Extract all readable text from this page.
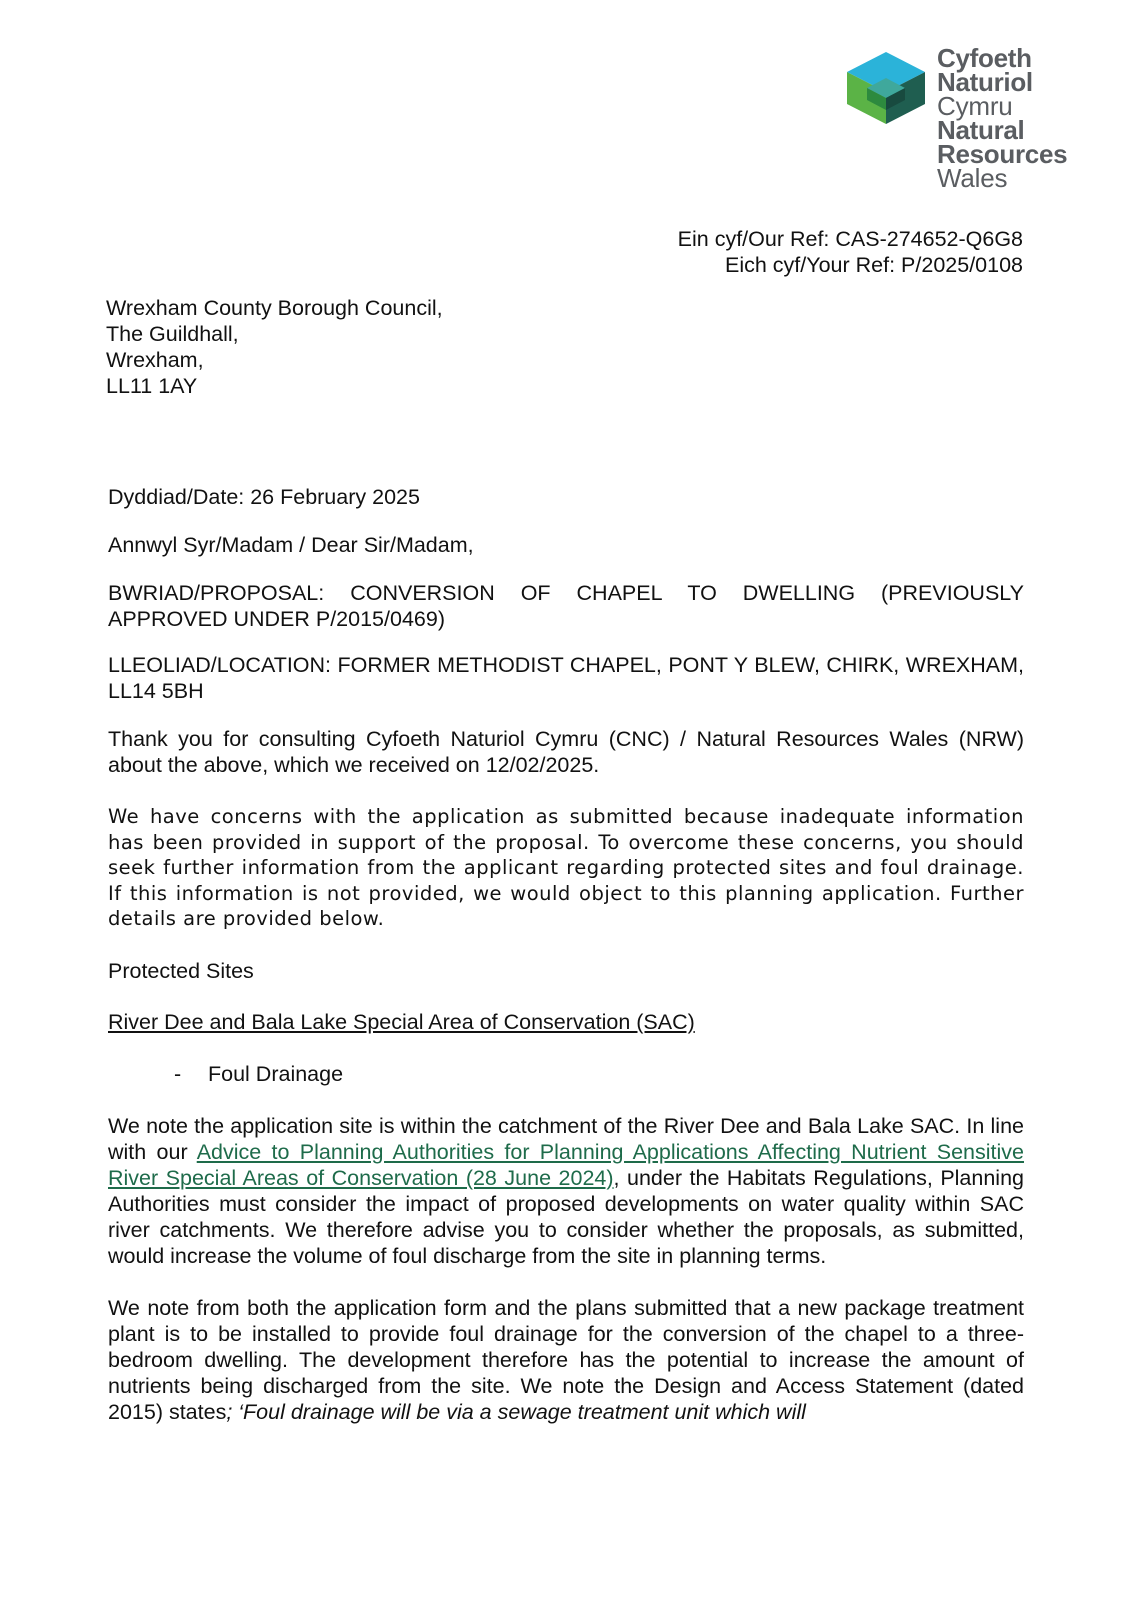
Cyfoeth
Naturiol
Cymru
Natural
Resources
Wales
Ein cyf/Our Ref: CAS-274652-Q6G8
Eich cyf/Your Ref: P/2025/0108
Wrexham County Borough Council,
The Guildhall,
Wrexham,
LL11 1AY

Dyddiad/Date: 26 February 2025

Annwyl Syr/Madam / Dear Sir/Madam,

BWRIAD/PROPOSAL: CONVERSION OF CHAPEL TO DWELLING (PREVIOUSLY APPROVED UNDER P/2015/0469)

LLEOLIAD/LOCATION: FORMER METHODIST CHAPEL, PONT Y BLEW, CHIRK, WREXHAM, LL14 5BH

Thank you for consulting Cyfoeth Naturiol Cymru (CNC) / Natural Resources Wales (NRW) about the above, which we received on 12/02/2025.

We have concerns with the application as submitted because inadequate information has been provided in support of the proposal. To overcome these concerns, you should seek further information from the applicant regarding protected sites and foul drainage. If this information is not provided, we would object to this planning application. Further details are provided below.

Protected Sites

River Dee and Bala Lake Special Area of Conservation (SAC)

- Foul Drainage

We note the application site is within the catchment of the River Dee and Bala Lake SAC. In line with our Advice to Planning Authorities for Planning Applications Affecting Nutrient Sensitive River Special Areas of Conservation (28 June 2024), under the Habitats Regulations, Planning Authorities must consider the impact of proposed developments on water quality within SAC river catchments. We therefore advise you to consider whether the proposals, as submitted, would increase the volume of foul discharge from the site in planning terms.

We note from both the application form and the plans submitted that a new package treatment plant is to be installed to provide foul drainage for the conversion of the chapel to a three-bedroom dwelling. The development therefore has the potential to increase the amount of nutrients being discharged from the site. We note the Design and Access Statement (dated 2015) states; ‘Foul drainage will be via a sewage treatment unit which will
